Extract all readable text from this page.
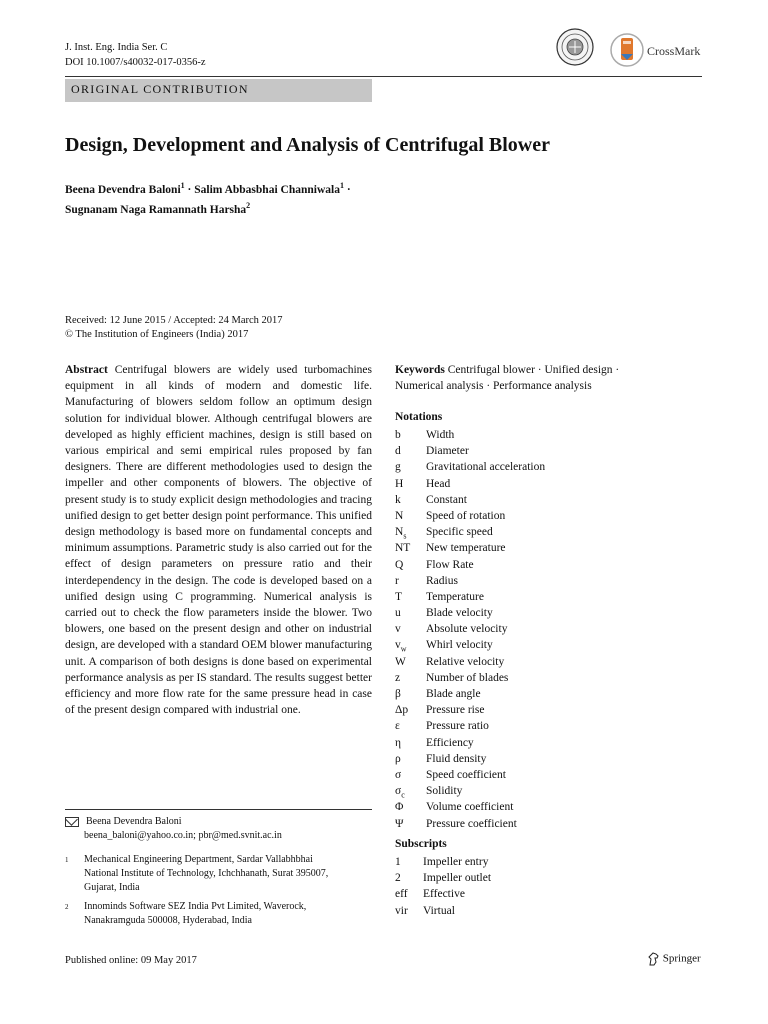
J. Inst. Eng. India Ser. C
DOI 10.1007/s40032-017-0356-z
CrossMark
ORIGINAL CONTRIBUTION
Design, Development and Analysis of Centrifugal Blower
Beena Devendra Baloni$^1$ · Salim Abbasbhai Channiwala$^1$ ·
Sugnanam Naga Ramannath Harsha$^2$
Received: 12 June 2015 / Accepted: 24 March 2017
© The Institution of Engineers (India) 2017
Abstract Centrifugal blowers are widely used turbomachines equipment in all kinds of modern and domestic life. Manufacturing of blowers seldom follow an optimum design solution for individual blower. Although centrifugal blowers are developed as highly efficient machines, design is still based on various empirical and semi empirical rules proposed by fan designers. There are different methodologies used to design the impeller and other components of blowers. The objective of present study is to study explicit design methodologies and tracing unified design to get better design point performance. This unified design methodology is based more on fundamental concepts and minimum assumptions. Parametric study is also carried out for the effect of design parameters on pressure ratio and their interdependency in the design. The code is developed based on a unified design using C programming. Numerical analysis is carried out to check the flow parameters inside the blower. Two blowers, one based on the present design and other on industrial design, are developed with a standard OEM blower manufacturing unit. A comparison of both designs is done based on experimental performance analysis as per IS standard. The results suggest better efficiency and more flow rate for the same pressure head in case of the present design compared with industrial one.
Keywords Centrifugal blower · Unified design ·
Numerical analysis · Performance analysis
Notations
b Width
d Diameter
g Gravitational acceleration
H Head
k Constant
N Speed of rotation
$N_s$ Specific speed
NT New temperature
Q Flow Rate
r Radius
T Temperature
u Blade velocity
v Absolute velocity
$v_w$ Whirl velocity
W Relative velocity
z Number of blades
β Blade angle
Δp Pressure rise
ε Pressure ratio
η Efficiency
ρ Fluid density
σ Speed coefficient
$\sigma_c$ Solidity
Φ Volume coefficient
Ψ Pressure coefficient
Subscripts
1 Impeller entry
2 Impeller outlet
eff Effective
vir Virtual
Beena Devendra Baloni
beena_baloni@yahoo.co.in; pbr@med.svnit.ac.in
1 Mechanical Engineering Department, Sardar Vallabhbhai
National Institute of Technology, Ichchhanath, Surat 395007,
Gujarat, India
2 Innominds Software SEZ India Pvt Limited, Waverock,
Nanakramguda 500008, Hyderabad, India
Published online: 09 May 2017	Springer
